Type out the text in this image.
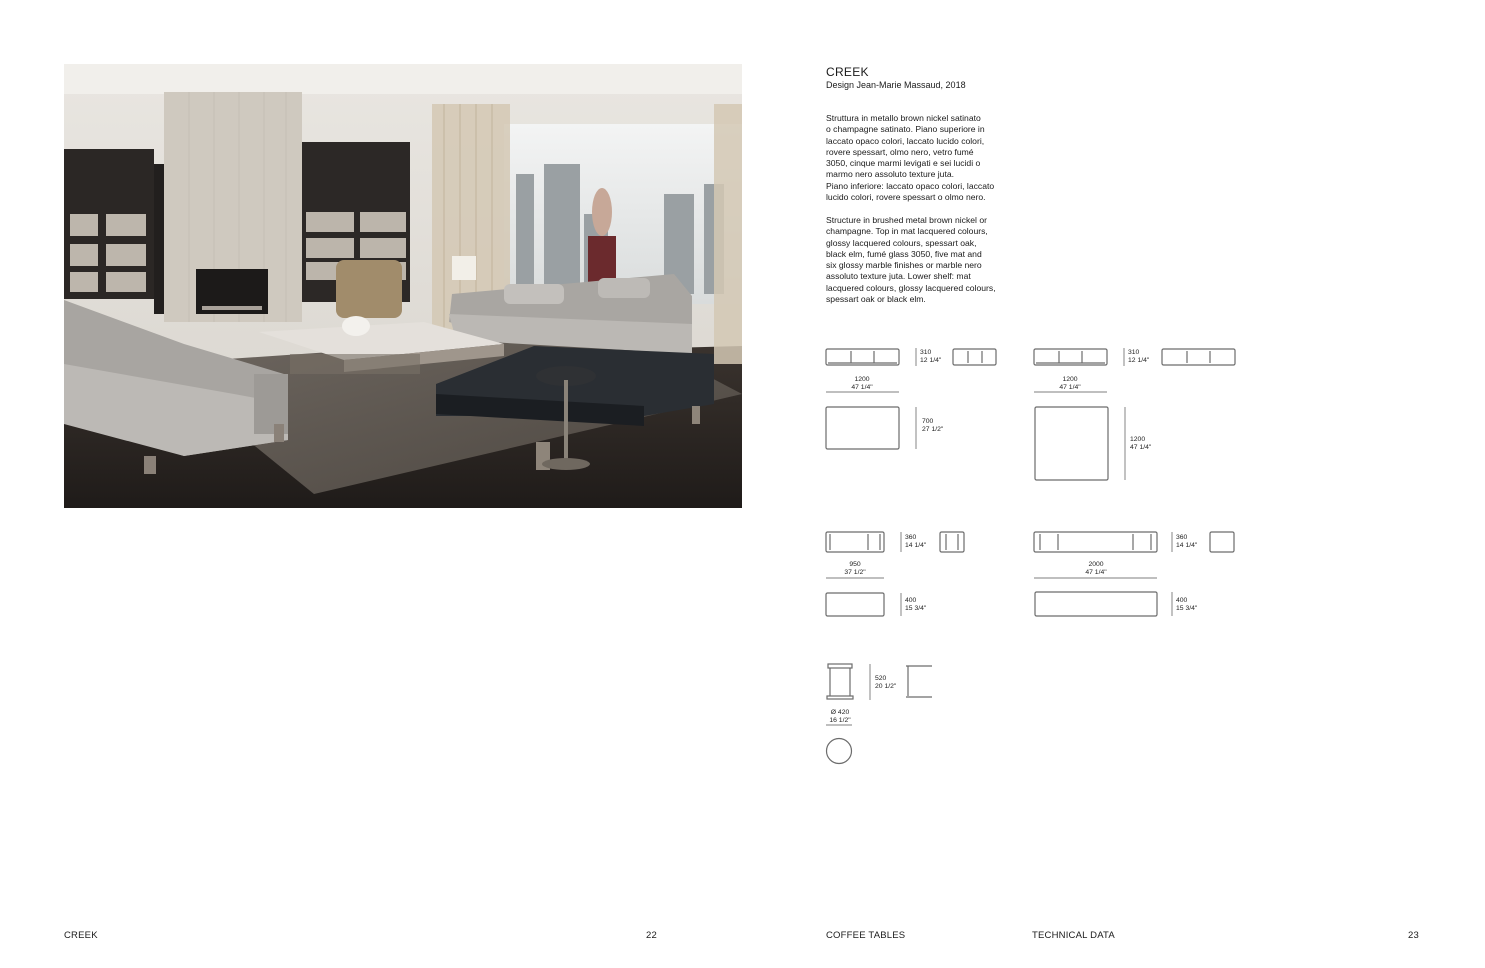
CREEK
Design Jean-Marie Massaud, 2018

Struttura in metallo brown nickel satinato
o champagne satinato. Piano superiore in
laccato opaco colori, laccato lucido colori,
rovere spessart, olmo nero, vetro fumé
3050, cinque marmi levigati e sei lucidi o
marmo nero assoluto texture juta.
Piano inferiore: laccato opaco colori, laccato
lucido colori, rovere spessart o olmo nero.

Structure in brushed metal brown nickel or
champagne. Top in mat lacquered colours,
glossy lacquered colours, spessart oak,
black elm, fumé glass 3050, five mat and
six glossy marble finishes or marble nero
assoluto texture juta. Lower shelf: mat
lacquered colours, glossy lacquered colours,
spessart oak or black elm.

310
12 1/4"
1200
47 1/4"
700
27 1/2"
310
12 1/4"
1200
47 1/4"
1200
47 1/4"
360
14 1/4"
950
37 1/2"
400
15 3/4"
360
14 1/4"
2000
47 1/4"
400
15 3/4"
520
20 1/2"
Ø 420
16 1/2"
CREEK	22	COFFEE TABLES	TECHNICAL DATA	23
